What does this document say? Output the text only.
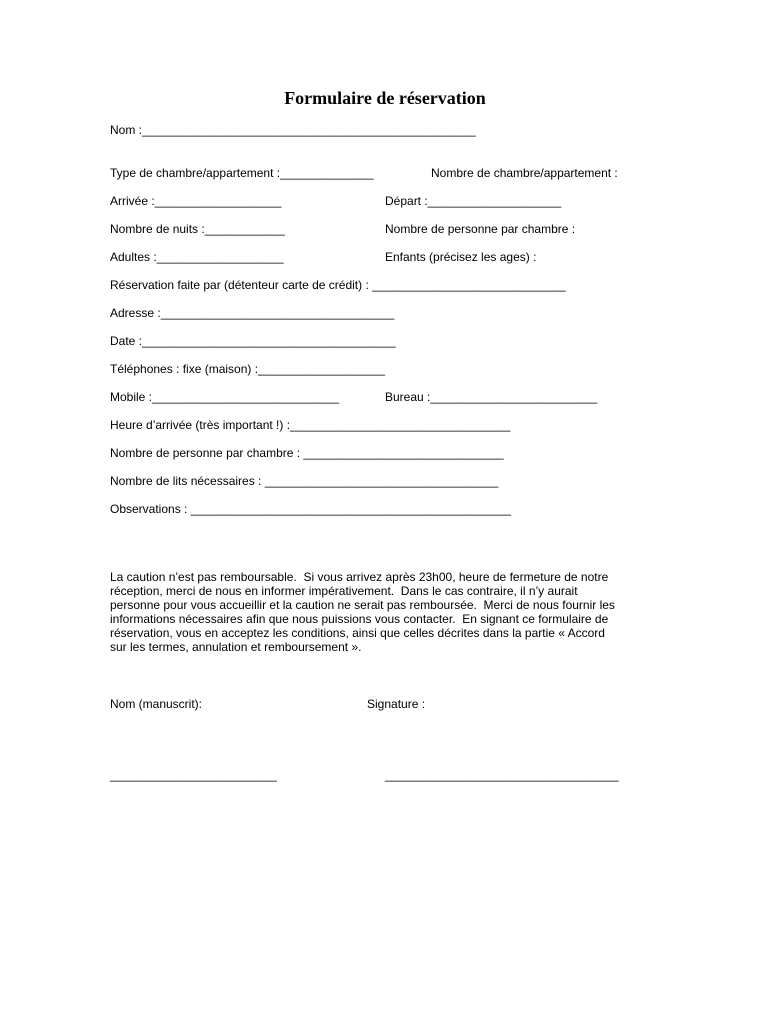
Formulaire de réservation
Nom :__________________________________________________
Type de chambre/appartement :______________	Nombre de chambre/appartement :
Arrivée :___________________	Départ :____________________
Nombre de nuits :____________	Nombre de personne par chambre :
Adultes :___________________	Enfants (précisez les ages) :
Réservation faite par (détenteur carte de crédit) : _____________________________
Adresse :___________________________________
Date :______________________________________
Téléphones : fixe (maison) :___________________
Mobile :____________________________	Bureau :_________________________
Heure d’arrivée (très important !) :_________________________________
Nombre de personne par chambre : ______________________________
Nombre de lits nécessaires : ___________________________________
Observations : ________________________________________________
La caution n’est pas remboursable.  Si vous arrivez après 23h00, heure de fermeture de notre
réception, merci de nous en informer impérativement.  Dans le cas contraire, il n’y aurait
personne pour vous accueillir et la caution ne serait pas remboursée.  Merci de nous fournir les
informations nécessaires afin que nous puissions vous contacter.  En signant ce formulaire de
réservation, vous en acceptez les conditions, ainsi que celles décrites dans la partie « Accord
sur les termes, annulation et remboursement ».
Nom (manuscrit):	Signature :
_________________________	___________________________________
